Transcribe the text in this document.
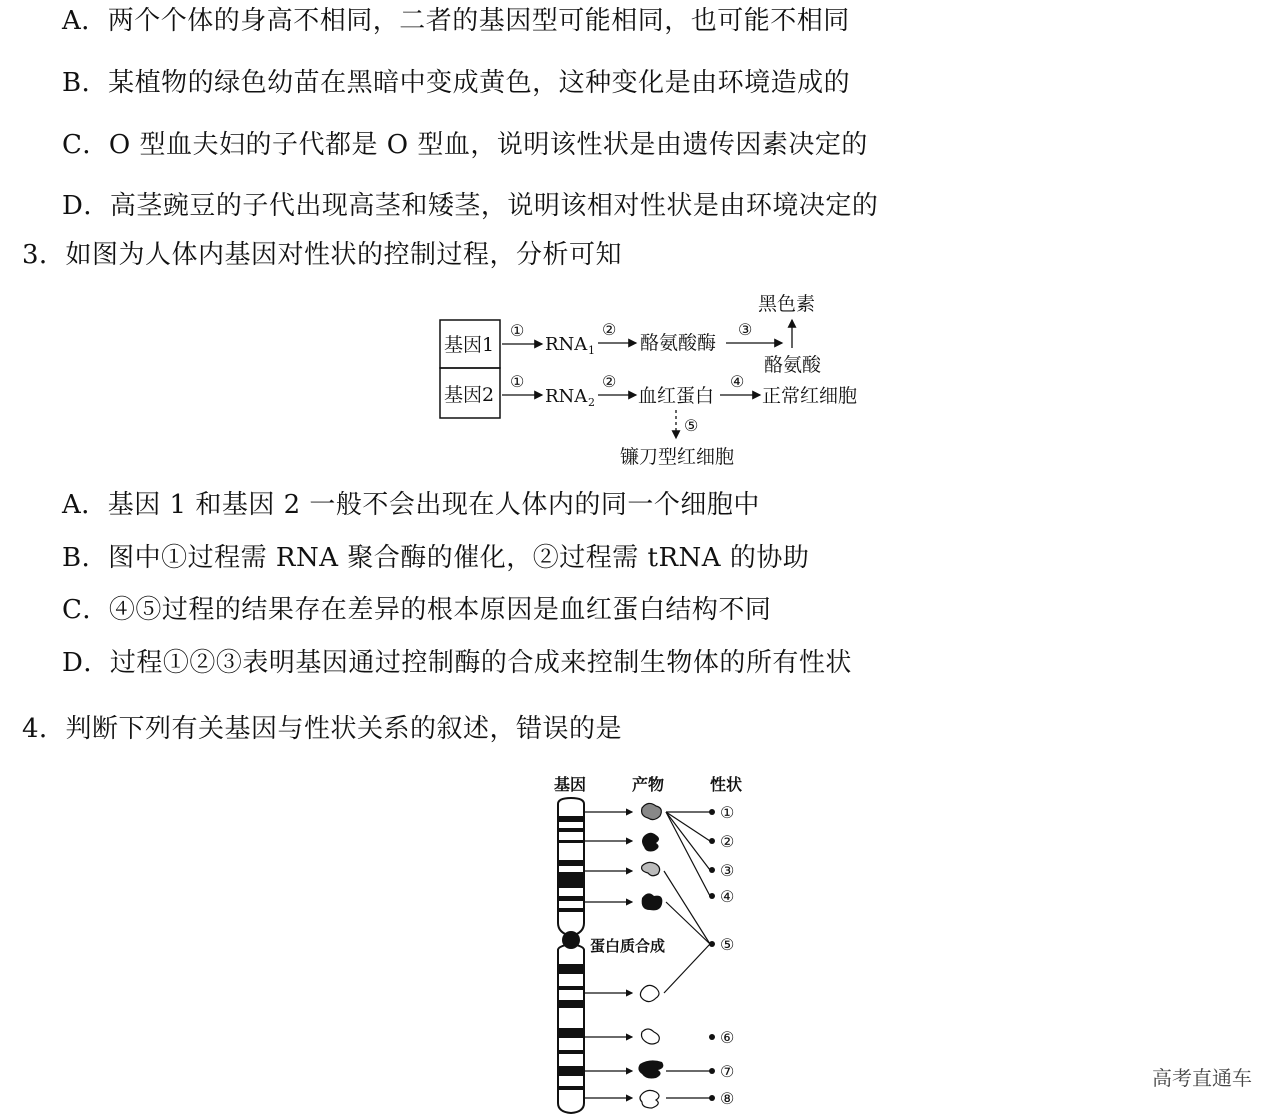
A．两个个体的身高不相同，二者的基因型可能相同，也可能不相同
B．某植物的绿色幼苗在黑暗中变成黄色，这种变化是由环境造成的
C．O 型血夫妇的子代都是 O 型血，说明该性状是由遗传因素决定的
D．高茎豌豆的子代出现高茎和矮茎，说明该相对性状是由环境决定的
3．如图为人体内基因对性状的控制过程，分析可知
基因1
基因2
①
RNA 1
②
酪氨酸酶
③
黑色素
酪氨酸
①
RNA 2
②
血红蛋白
④
正常红细胞
⑤
镰刀型红细胞
A．基因 1 和基因 2 一般不会出现在人体内的同一个细胞中
B．图中①过程需 RNA 聚合酶的催化，②过程需 tRNA 的协助
C．④⑤过程的结果存在差异的根本原因是血红蛋白结构不同
D．过程①②③表明基因通过控制酶的合成来控制生物体的所有性状
4．判断下列有关基因与性状关系的叙述，错误的是
基因	产物	性状
①
②
③
④
⑤
⑥
⑦
⑧
蛋白质合成
高考直通车
